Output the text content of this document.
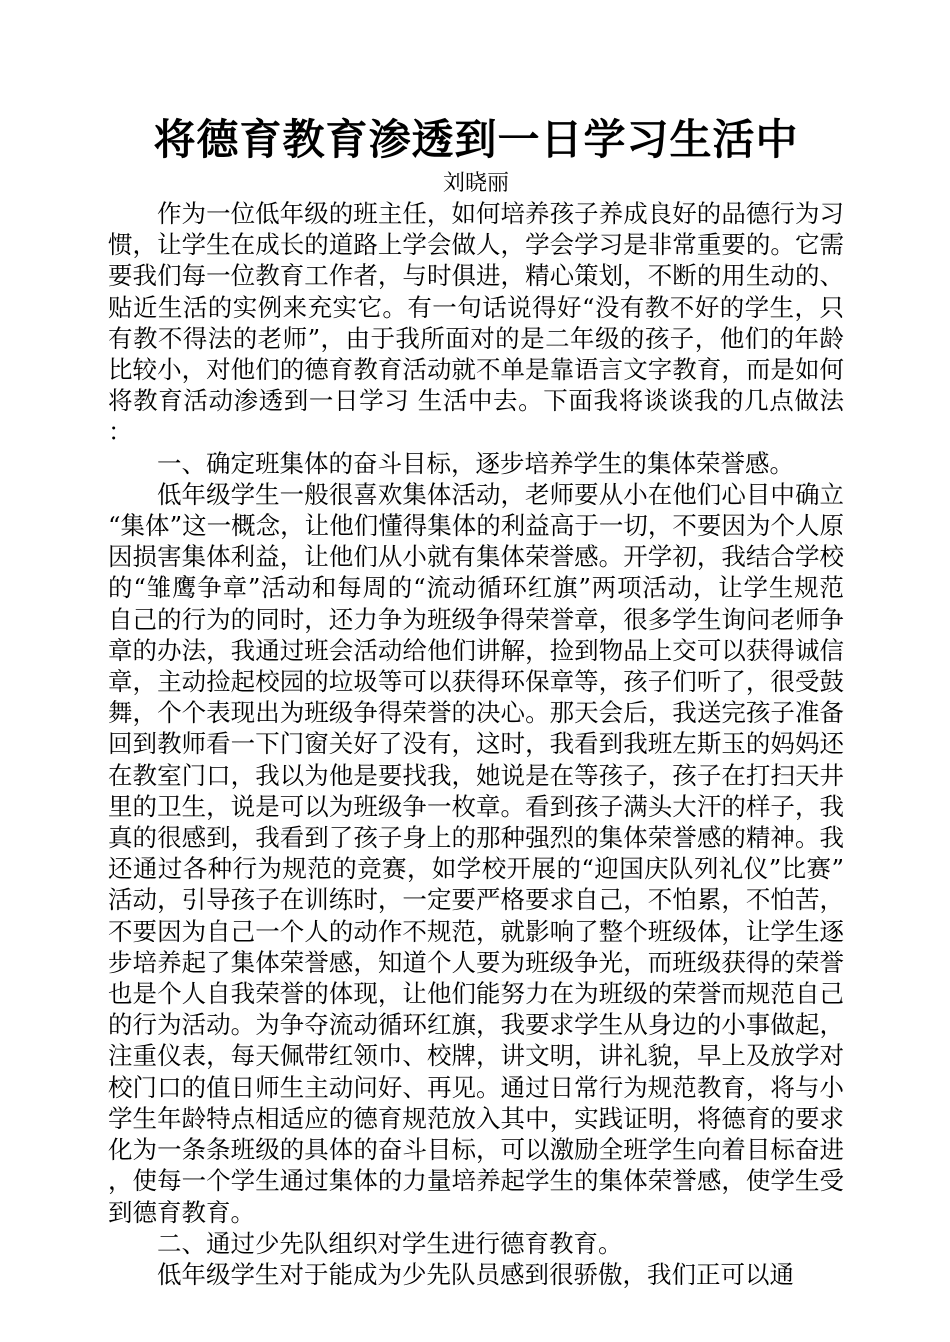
将德育教育渗透到一日学习生活中

刘晓丽

作为一位低年级的班主任，如何培养孩子养成良好的品德行为习惯，让学生在成长的道路上学会做人，学会学习是非常重要的。它需要我们每一位教育工作者，与时俱进，精心策划，不断的用生动的、贴近生活的实例来充实它。有一句话说得好“没有教不好的学生，只有教不得法的老师”，由于我所面对的是二年级的孩子，他们的年龄比较小，对他们的德育教育活动就不单是靠语言文字教育，而是如何将教育活动渗透到一日学习 生活中去。下面我将谈谈我的几点做法：

一、确定班集体的奋斗目标，逐步培养学生的集体荣誉感。

低年级学生一般很喜欢集体活动，老师要从小在他们心目中确立“集体”这一概念，让他们懂得集体的利益高于一切，不要因为个人原因损害集体利益，让他们从小就有集体荣誉感。开学初，我结合学校的“雏鹰争章”活动和每周的“流动循环红旗”两项活动，让学生规范自己的行为的同时，还力争为班级争得荣誉章，很多学生询问老师争章的办法，我通过班会活动给他们讲解，捡到物品上交可以获得诚信章，主动捡起校园的垃圾等可以获得环保章等，孩子们听了，很受鼓舞，个个表现出为班级争得荣誉的决心。那天会后，我送完孩子准备回到教师看一下门窗关好了没有，这时，我看到我班左斯玉的妈妈还在教室门口，我以为他是要找我，她说是在等孩子，孩子在打扫天井里的卫生，说是可以为班级争一枚章。看到孩子满头大汗的样子，我真的很感到，我看到了孩子身上的那种强烈的集体荣誉感的精神。我还通过各种行为规范的竞赛，如学校开展的“迎国庆队列礼仪”比赛”活动，引导孩子在训练时，一定要严格要求自己，不怕累，不怕苦，不要因为自己一个人的动作不规范，就影响了整个班级体，让学生逐步培养起了集体荣誉感，知道个人要为班级争光，而班级获得的荣誉也是个人自我荣誉的体现，让他们能努力在为班级的荣誉而规范自己的行为活动。为争夺流动循环红旗，我要求学生从身边的小事做起，注重仪表，每天佩带红领巾、校牌，讲文明，讲礼貌，早上及放学对校门口的值日师生主动问好、再见。通过日常行为规范教育，将与小学生年龄特点相适应的德育规范放入其中，实践证明，将德育的要求化为一条条班级的具体的奋斗目标，可以激励全班学生向着目标奋进，使每一个学生通过集体的力量培养起学生的集体荣誉感，使学生受到德育教育。

二、通过少先队组织对学生进行德育教育。

低年级学生对于能成为少先队员感到很骄傲，我们正可以通
